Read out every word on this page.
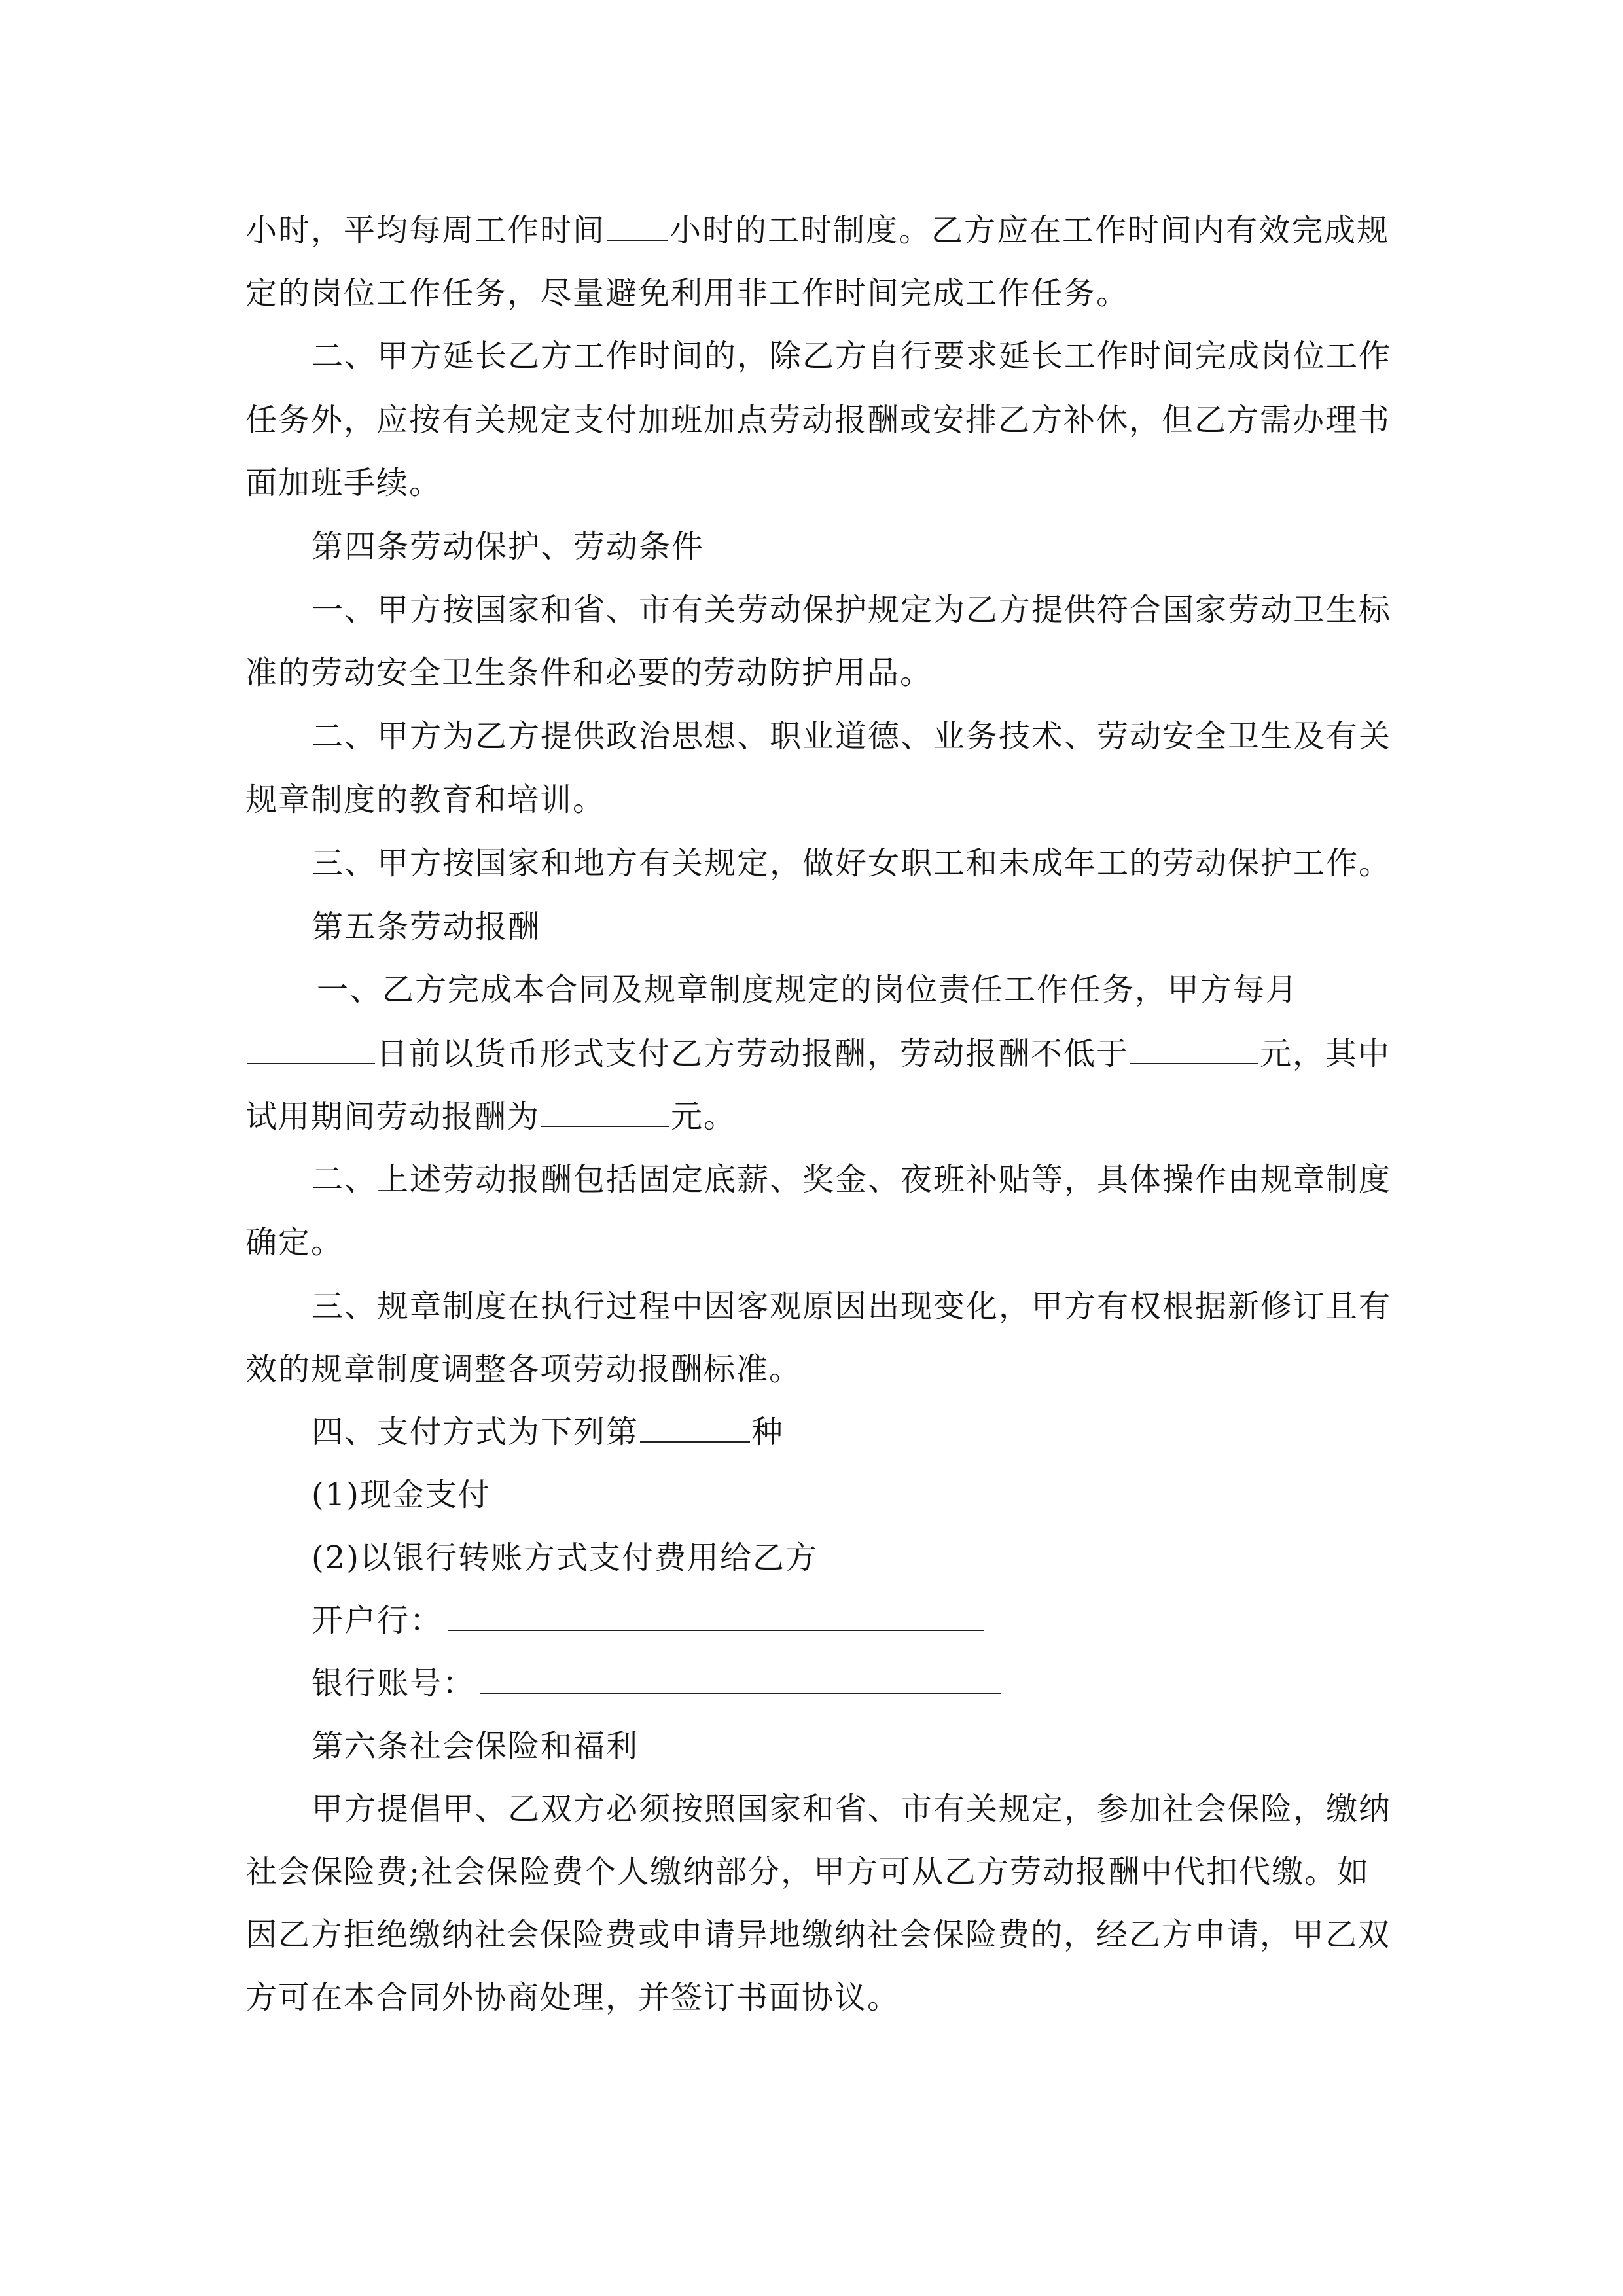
小时，平均每周工作时间 小时的工时制度。乙方应在工作时间内有效完成规
定的岗位工作任务，尽量避免利用非工作时间完成工作任务。
二、甲方延长乙方工作时间的，除乙方自行要求延长工作时间完成岗位工作
任务外，应按有关规定支付加班加点劳动报酬或安排乙方补休，但乙方需办理书
面加班手续。
第四条劳动保护、劳动条件
一、甲方按国家和省、市有关劳动保护规定为乙方提供符合国家劳动卫生标
准的劳动安全卫生条件和必要的劳动防护用品。
二、甲方为乙方提供政治思想、职业道德、业务技术、劳动安全卫生及有关
规章制度的教育和培训。
三、甲方按国家和地方有关规定，做好女职工和未成年工的劳动保护工作。
第五条劳动报酬
一、乙方完成本合同及规章制度规定的岗位责任工作任务，甲方每月
日前以货币形式支付乙方劳动报酬，劳动报酬不低于	元，其中
试用期间劳动报酬为	元。
二、上述劳动报酬包括固定底薪、奖金、夜班补贴等，具体操作由规章制度
确定。
三、规章制度在执行过程中因客观原因出现变化，甲方有权根据新修订且有
效的规章制度调整各项劳动报酬标准。
四、支付方式为下列第	种
(1)现金支付
(2)以银行转账方式支付费用给乙方
开户行：
银行账号：
第六条社会保险和福利
甲方提倡甲、乙双方必须按照国家和省、市有关规定，参加社会保险，缴纳
社会保险费;社会保险费个人缴纳部分，甲方可从乙方劳动报酬中代扣代缴。如
因乙方拒绝缴纳社会保险费或申请异地缴纳社会保险费的，经乙方申请，甲乙双
方可在本合同外协商处理，并签订书面协议。
